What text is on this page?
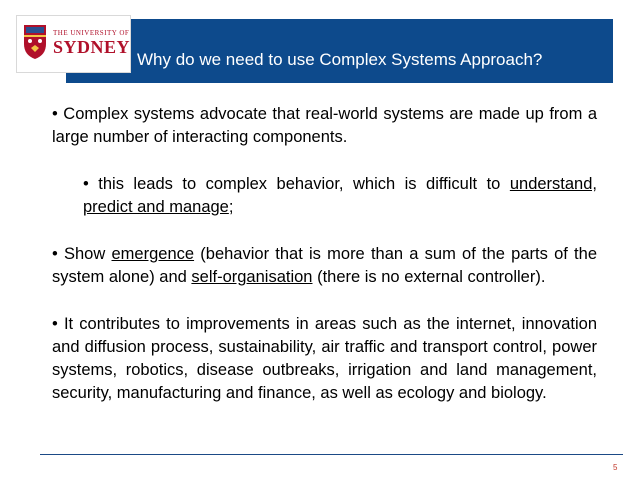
THE UNIVERSITY OF
SYDNEY
Why do we need to use Complex Systems Approach?

• Complex systems advocate that real-world systems are made up from a large number of interacting components.

• this leads to complex behavior, which is difficult to understand, predict and manage;

• Show emergence (behavior that is more than a sum of the parts of the system alone) and self-organisation (there is no external controller).

• It contributes to improvements in areas such as the internet, innovation and diffusion process, sustainability, air traffic and transport control, power systems, robotics, disease outbreaks, irrigation and land management, security, manufacturing and finance, as well as ecology and biology.

5
